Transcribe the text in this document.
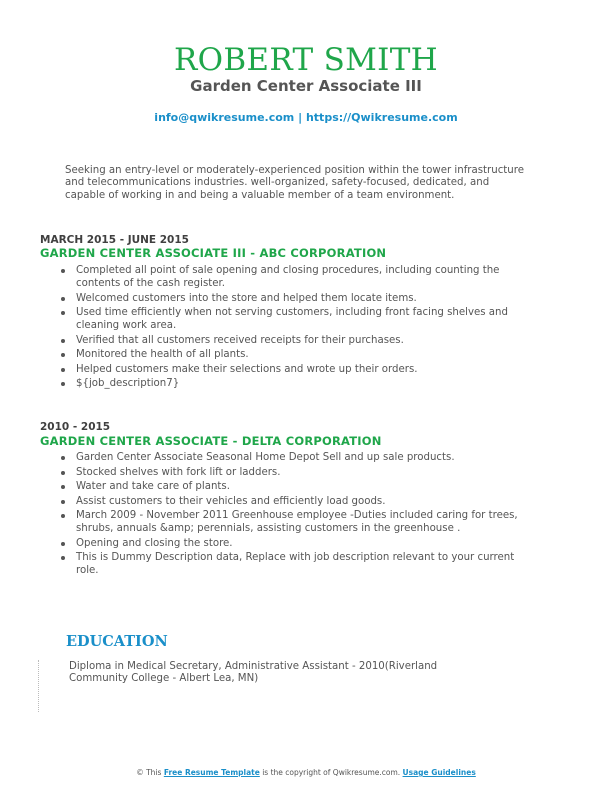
ROBERT SMITH
Garden Center Associate III
info@qwikresume.com | https://Qwikresume.com
Seeking an entry-level or moderately-experienced position within the tower infrastructure and telecommunications industries. well-organized, safety-focused, dedicated, and capable of working in and being a valuable member of a team environment.
MARCH 2015 - JUNE 2015
GARDEN CENTER ASSOCIATE III - ABC CORPORATION
Completed all point of sale opening and closing procedures, including counting the contents of the cash register.
Welcomed customers into the store and helped them locate items.
Used time efficiently when not serving customers, including front facing shelves and cleaning work area.
Verified that all customers received receipts for their purchases.
Monitored the health of all plants.
Helped customers make their selections and wrote up their orders.
${job_description7}
2010 - 2015
GARDEN CENTER ASSOCIATE - DELTA CORPORATION
Garden Center Associate Seasonal Home Depot Sell and up sale products.
Stocked shelves with fork lift or ladders.
Water and take care of plants.
Assist customers to their vehicles and efficiently load goods.
March 2009 - November 2011 Greenhouse employee -Duties included caring for trees, shrubs, annuals &amp; perennials, assisting customers in the greenhouse .
Opening and closing the store.
This is Dummy Description data, Replace with job description relevant to your current role.
EDUCATION
Diploma in Medical Secretary, Administrative Assistant - 2010(Riverland Community College - Albert Lea, MN)
© This Free Resume Template is the copyright of Qwikresume.com. Usage Guidelines
